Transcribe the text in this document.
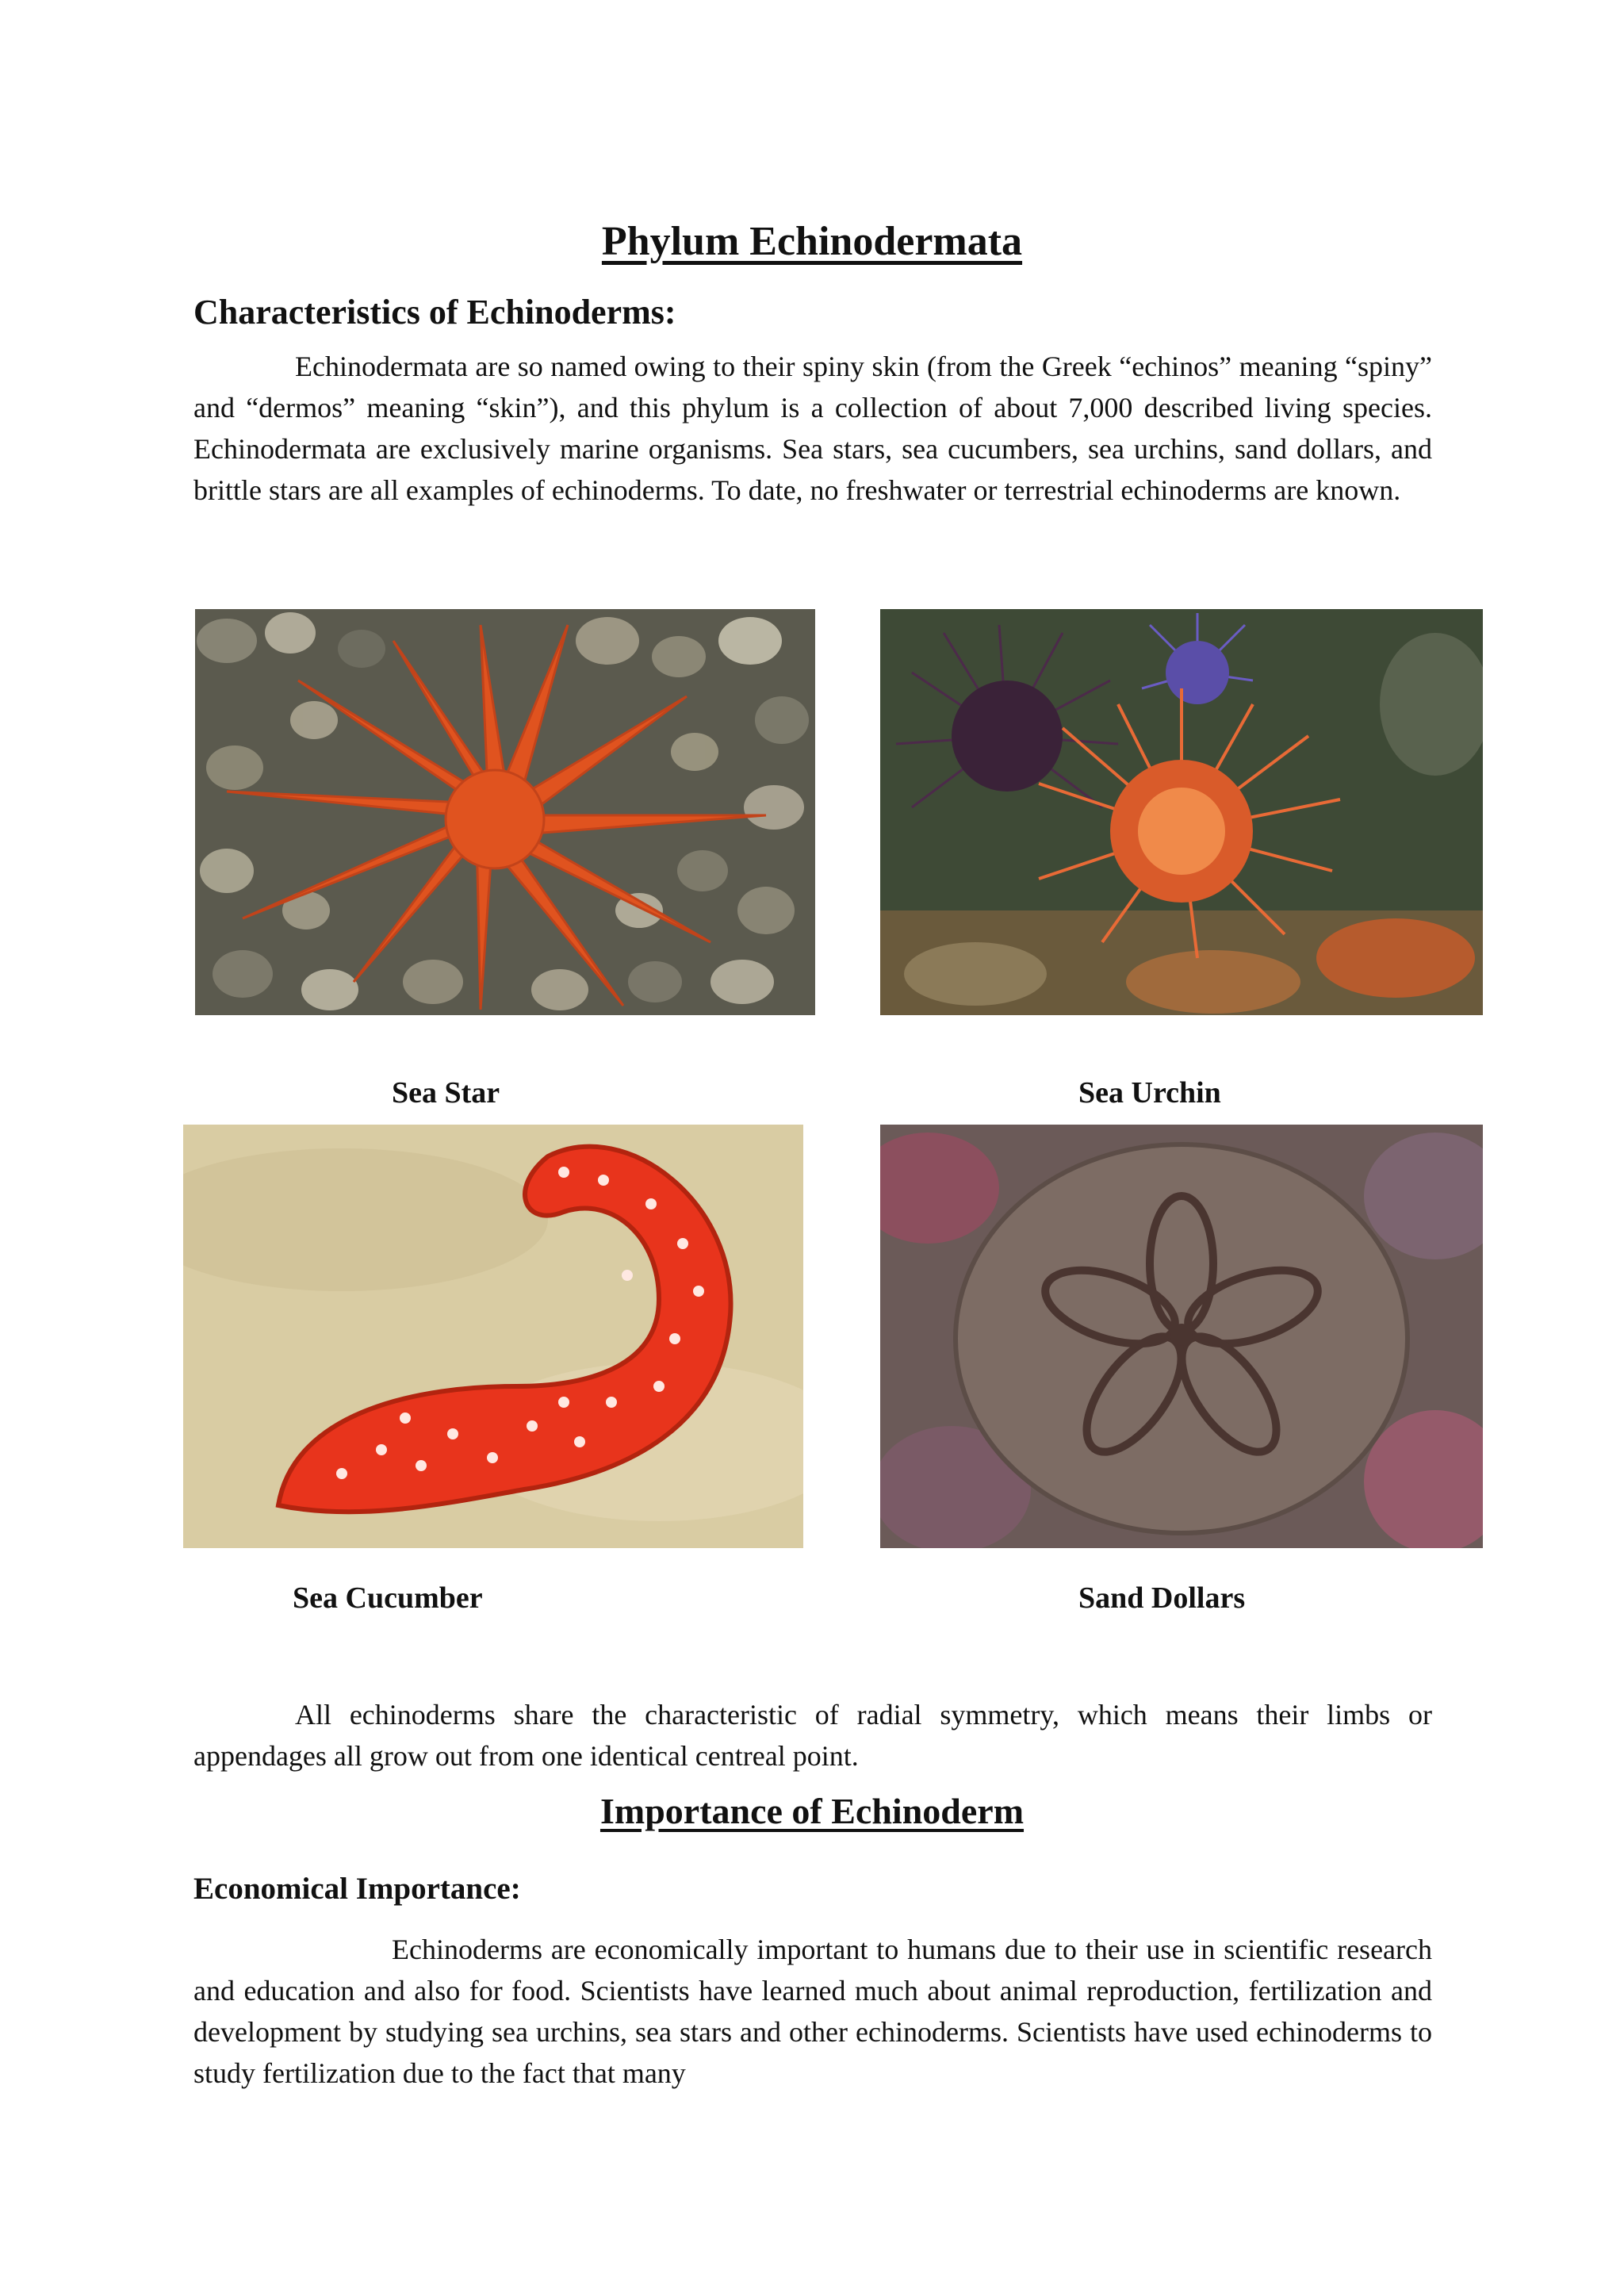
Phylum Echinodermata
Characteristics of Echinoderms:

Echinodermata are so named owing to their spiny skin (from the Greek “echinos” meaning “spiny” and “dermos” meaning “skin”), and this phylum is a collection of about 7,000 described living species. Echinodermata are exclusively marine organisms. Sea stars, sea cucumbers, sea urchins, sand dollars, and brittle stars are all examples of echinoderms. To date, no freshwater or terrestrial echinoderms are known.

Sea Star	Sea Urchin

Sea Cucumber	Sand Dollars

All echinoderms share the characteristic of radial symmetry, which means their limbs or appendages all grow out from one identical centreal point.

Importance of Echinoderm
Economical Importance:

Echinoderms are economically important to humans due to their use in scientific research and education and also for food. Scientists have learned much about animal reproduction, fertilization and development by studying sea urchins, sea stars and other echinoderms. Scientists have used echinoderms to study fertilization due to the fact that many
